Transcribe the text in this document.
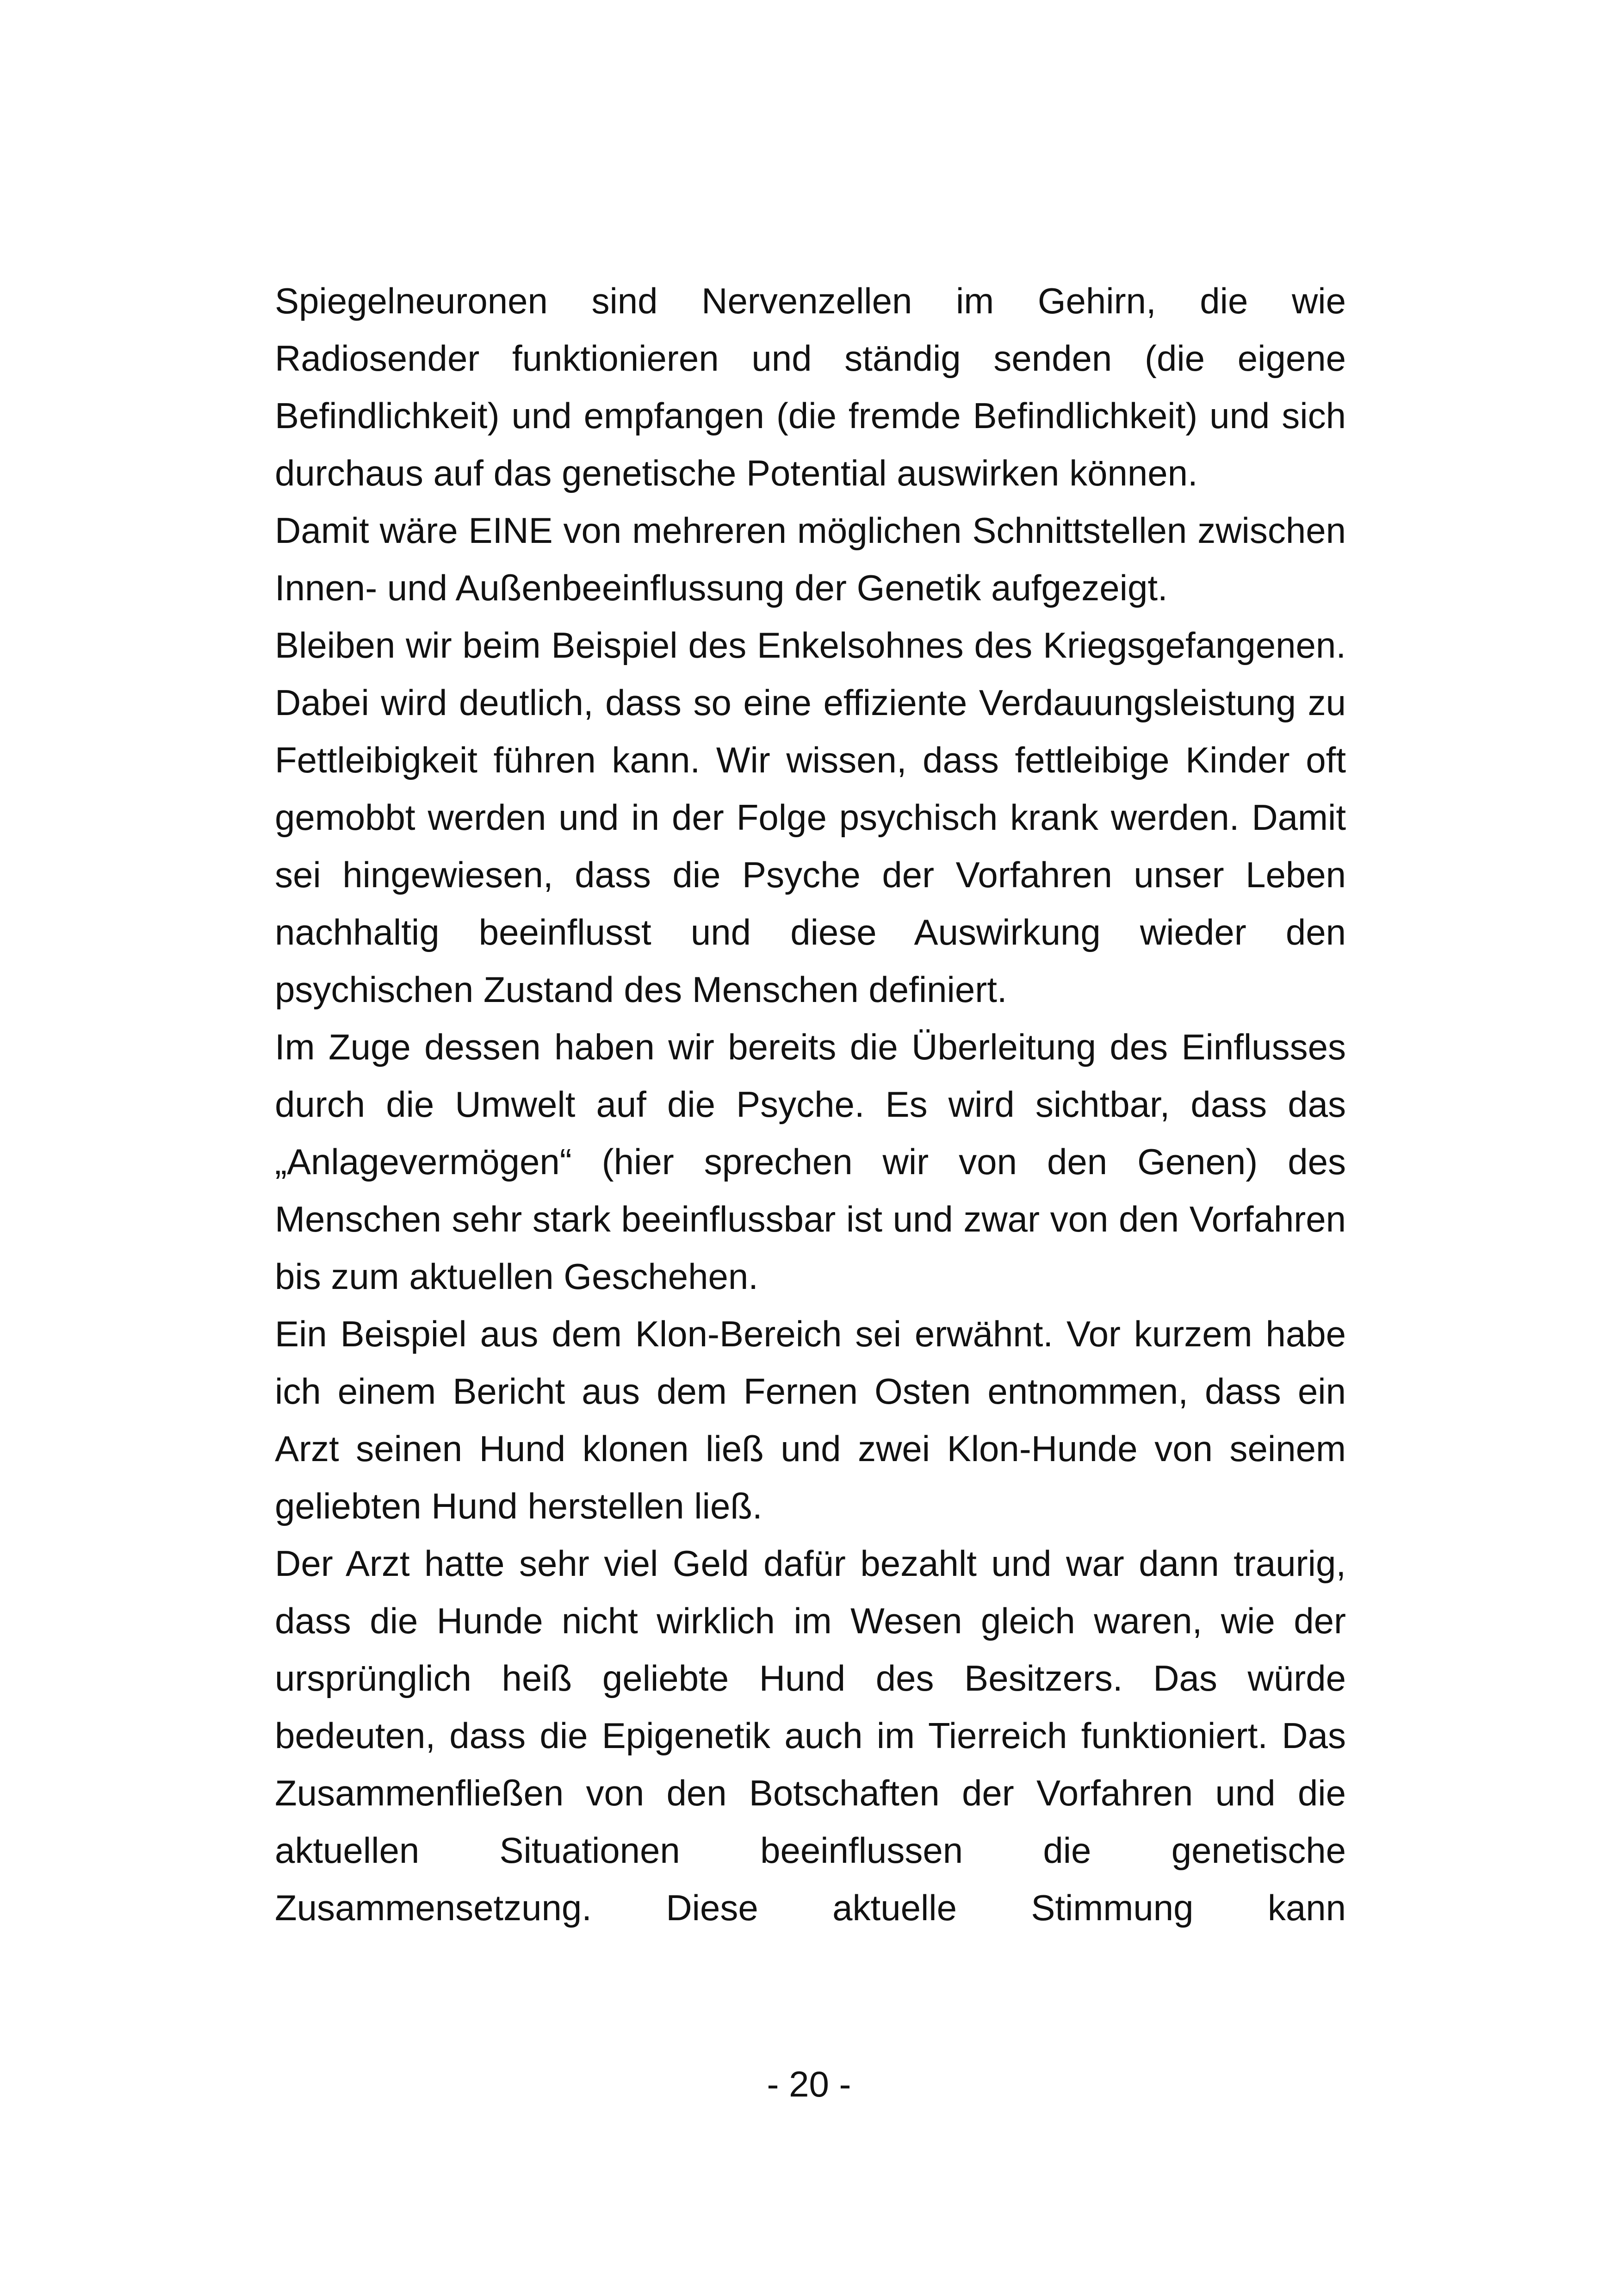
Spiegelneuronen sind Nervenzellen im Gehirn, die wie Radiosender funktionieren und ständig senden (die eigene Befindlichkeit) und empfangen (die fremde Befindlichkeit) und sich durchaus auf das genetische Potential auswirken können.

Damit wäre EINE von mehreren möglichen Schnittstellen zwischen Innen- und Außenbeeinflussung der Genetik aufgezeigt.

Bleiben wir beim Beispiel des Enkelsohnes des Kriegsgefangenen. Dabei wird deutlich, dass so eine effiziente Verdauungsleistung zu Fettleibigkeit führen kann. Wir wissen, dass fettleibige Kinder oft gemobbt werden und in der Folge psychisch krank werden. Damit sei hingewiesen, dass die Psyche der Vorfahren unser Leben nachhaltig beeinflusst und diese Auswirkung wieder den psychischen Zustand des Menschen definiert.

Im Zuge dessen haben wir bereits die Überleitung des Einflusses durch die Umwelt auf die Psyche. Es wird sichtbar, dass das „Anlagevermögen“ (hier sprechen wir von den Genen) des Menschen sehr stark beeinflussbar ist und zwar von den Vorfahren bis zum aktuellen Geschehen.

Ein Beispiel aus dem Klon-Bereich sei erwähnt. Vor kurzem habe ich einem Bericht aus dem Fernen Osten entnommen, dass ein Arzt seinen Hund klonen ließ und zwei Klon-Hunde von seinem geliebten Hund herstellen ließ.

Der Arzt hatte sehr viel Geld dafür bezahlt und war dann traurig, dass die Hunde nicht wirklich im Wesen gleich waren, wie der ursprünglich heiß geliebte Hund des Besitzers. Das würde bedeuten, dass die Epigenetik auch im Tierreich funktioniert. Das Zusammenfließen von den Botschaften der Vorfahren und die aktuellen Situationen beeinflussen die genetische Zusammensetzung. Diese aktuelle Stimmung kann

- 20 -
